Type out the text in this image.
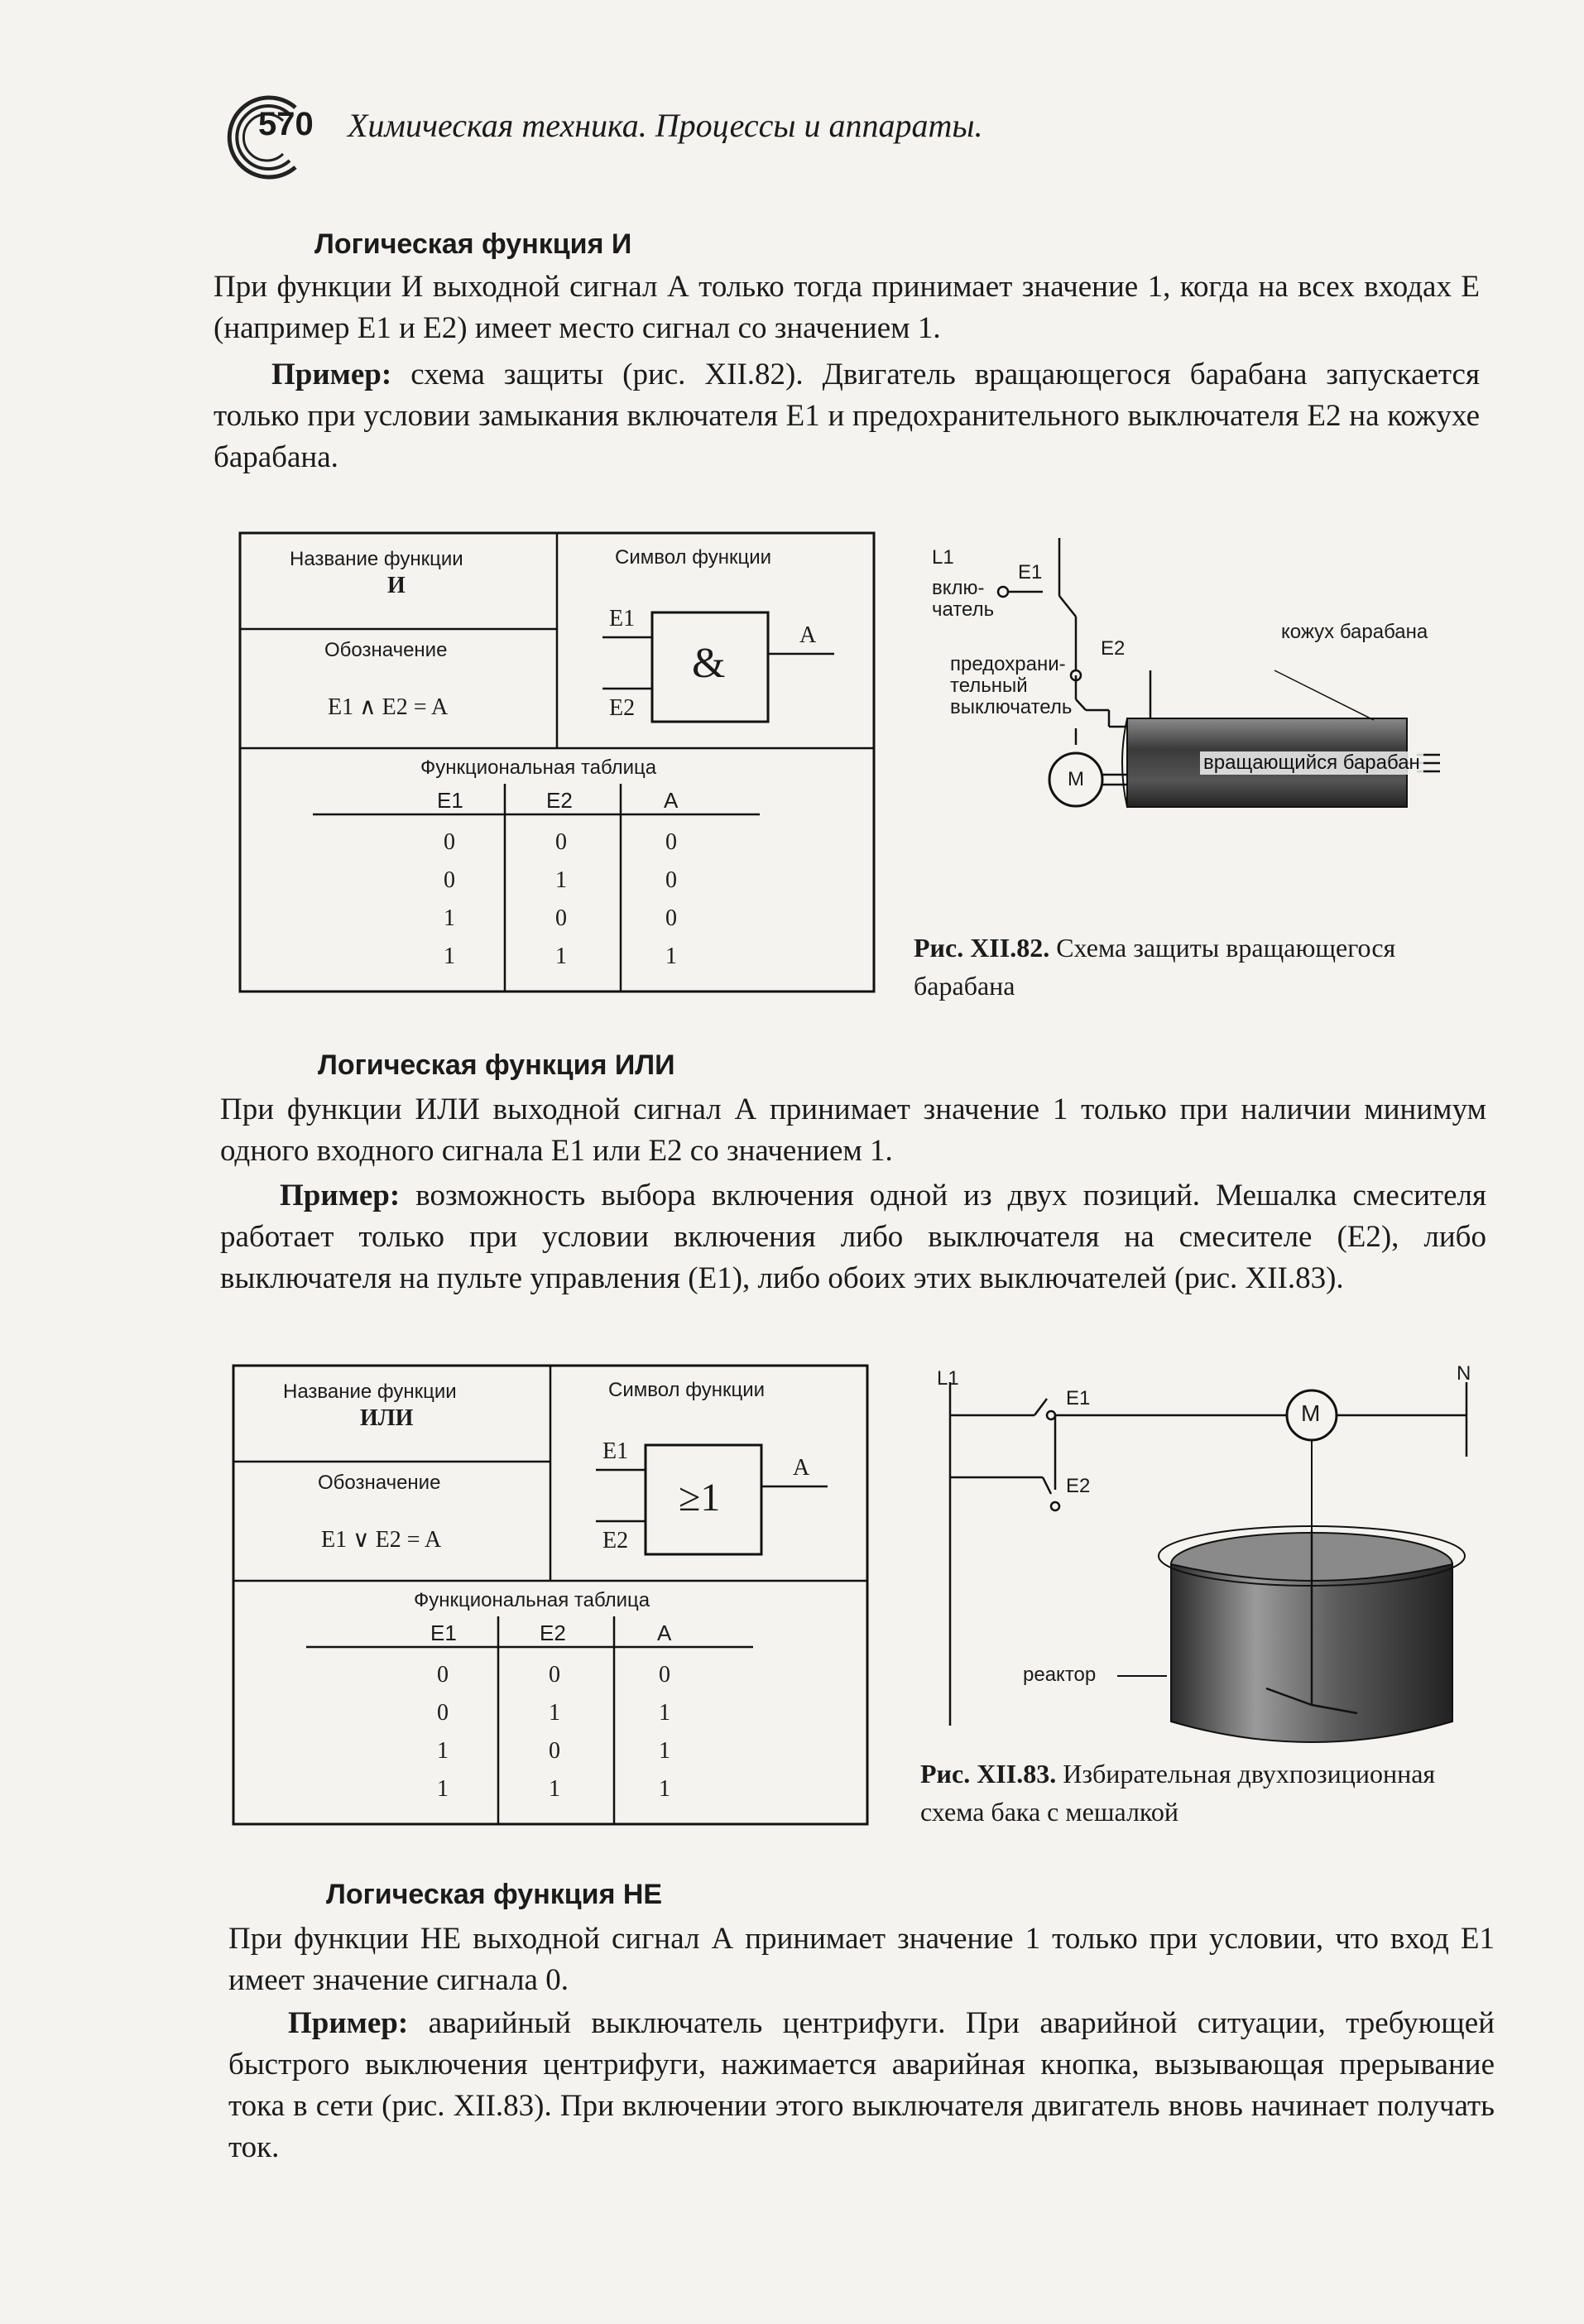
570 Химическая техника. Процессы и аппараты.
Логическая функция И
При функции И выходной сигнал А только тогда принимает значение 1, когда на всех входах Е (например Е1 и Е2) имеет место сигнал со значением 1.
Пример: схема защиты (рис. XII.82). Двигатель вращающегося барабана запускается только при условии замыкания включателя Е1 и предохранительного выключателя Е2 на кожухе барабана.
Название функции
И
Символ функции
Обозначение
E1 ∧ E2 = A
E1
E2
A
&
Функциональная таблица
E1	E2	A
0	0	0
0	1	0
1	0	0
1	1	1
L1
вклю-
чатель
E1
E2
предохрани-
тельный
выключатель
кожух барабана
M
вращающийся барабан
Рис. XII.82. Схема защиты вращающегося барабана
Логическая функция ИЛИ
При функции ИЛИ выходной сигнал А принимает значение 1 только при наличии минимум одного входного сигнала Е1 или Е2 со значением 1.
Пример: возможность выбора включения одной из двух позиций. Мешалка смесителя работает только при условии включения либо выключателя на смесителе (Е2), либо выключателя на пульте управления (Е1), либо обоих этих выключателей (рис. XII.83).
Название функции
ИЛИ
Символ функции
Обозначение
E1 ∨ E2 = A
E1
E2
A
≥1
Функциональная таблица
E1	E2	A
0	0	0
0	1	1
1	0	1
1	1	1
L1	N
E1
E2
M
реактор
Рис. XII.83. Избирательная двухпозиционная схема бака с мешалкой
Логическая функция НЕ
При функции НЕ выходной сигнал А принимает значение 1 только при условии, что вход Е1 имеет значение сигнала 0.
Пример: аварийный выключатель центрифуги. При аварийной ситуации, требующей быстрого выключения центрифуги, нажимается аварийная кнопка, вызывающая прерывание тока в сети (рис. XII.83). При включении этого выключателя двигатель вновь начинает получать ток.
